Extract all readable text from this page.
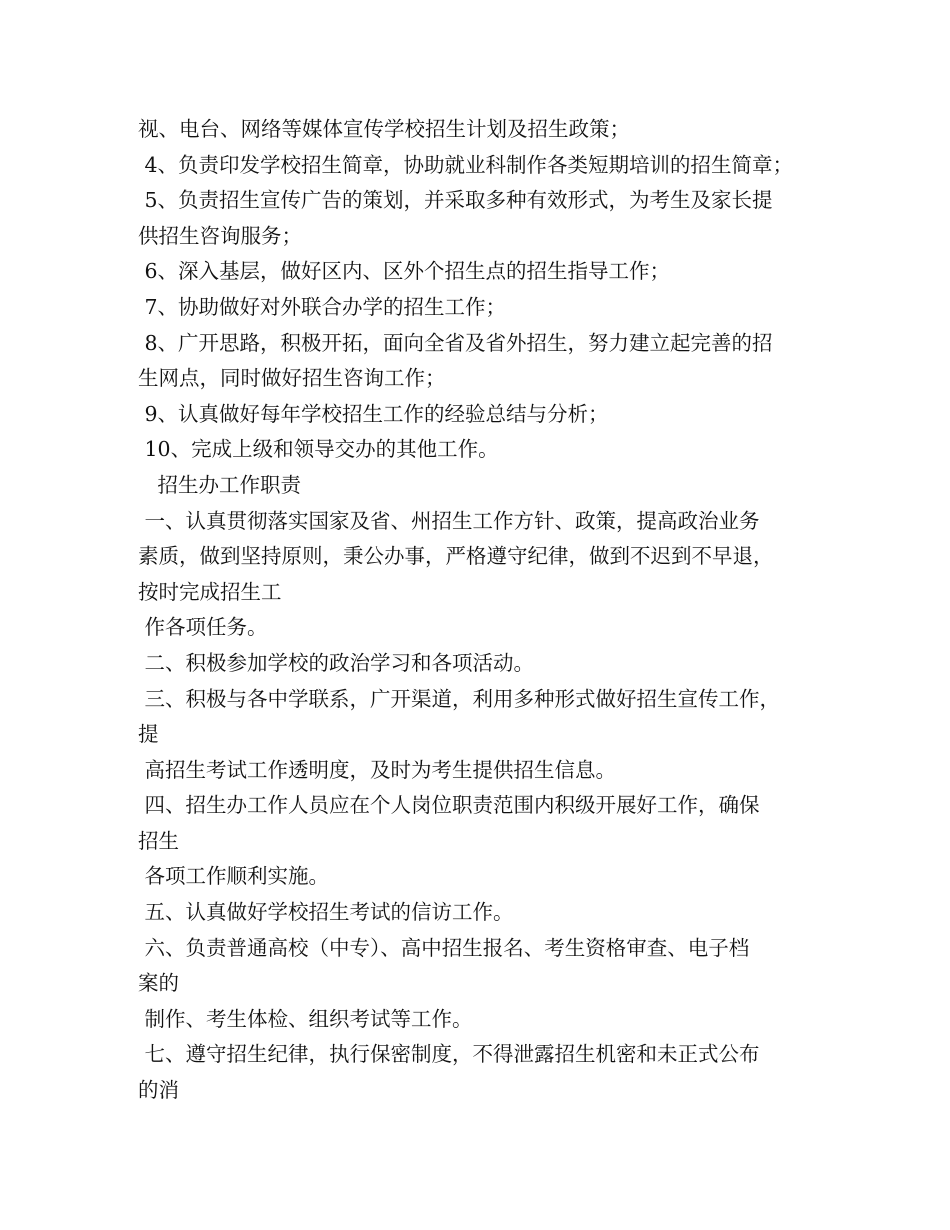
视、电台、网络等媒体宣传学校招生计划及招生政策；
4、负责印发学校招生简章，协助就业科制作各类短期培训的招生简章；
5、负责招生宣传广告的策划，并采取多种有效形式，为考生及家长提
供招生咨询服务；
6、深入基层，做好区内、区外个招生点的招生指导工作；
7、协助做好对外联合办学的招生工作；
8、广开思路，积极开拓，面向全省及省外招生，努力建立起完善的招
生网点，同时做好招生咨询工作；
9、认真做好每年学校招生工作的经验总结与分析；
10、完成上级和领导交办的其他工作。
招生办工作职责
一、认真贯彻落实国家及省、州招生工作方针、政策，提高政治业务
素质，做到坚持原则，秉公办事，严格遵守纪律，做到不迟到不早退，
按时完成招生工
作各项任务。
二、积极参加学校的政治学习和各项活动。
三、积极与各中学联系，广开渠道，利用多种形式做好招生宣传工作，
提
高招生考试工作透明度，及时为考生提供招生信息。
四、招生办工作人员应在个人岗位职责范围内积级开展好工作，确保
招生
各项工作顺利实施。
五、认真做好学校招生考试的信访工作。
六、负责普通高校（中专）、高中招生报名、考生资格审查、电子档
案的
制作、考生体检、组织考试等工作。
七、遵守招生纪律，执行保密制度，不得泄露招生机密和未正式公布
的消
